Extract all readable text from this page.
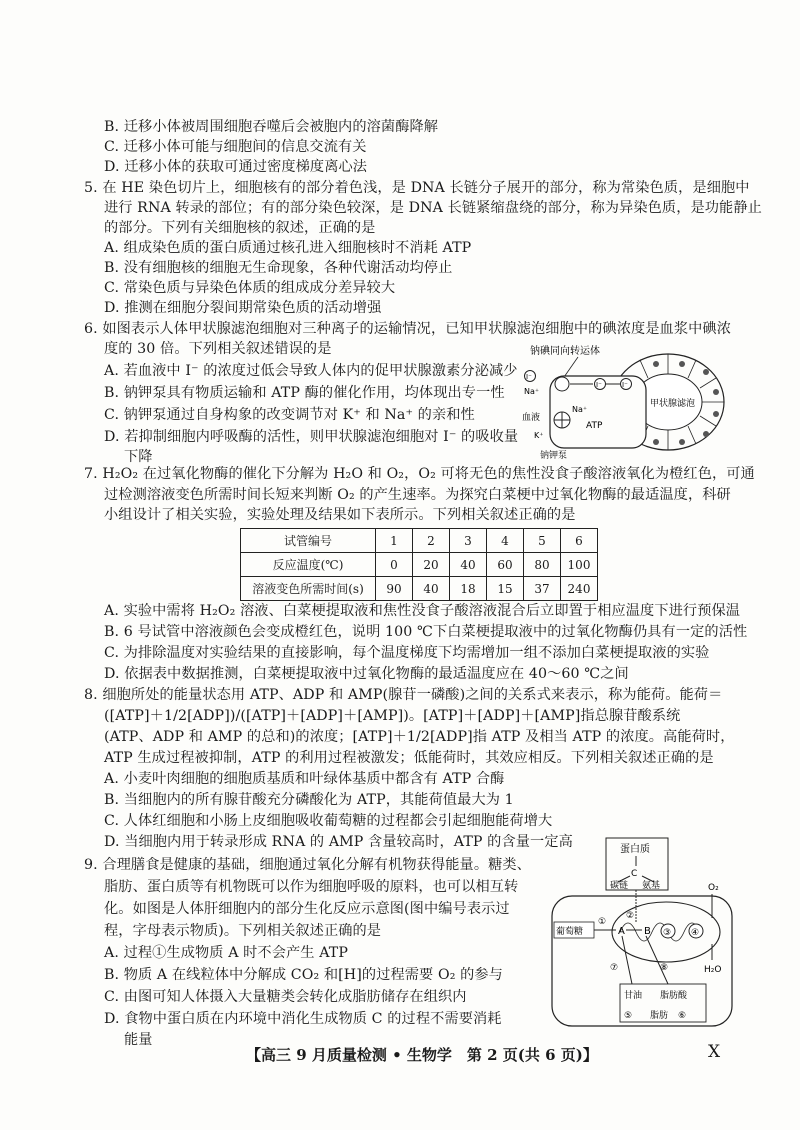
B. 迁移小体被周围细胞吞噬后会被胞内的溶菌酶降解
C. 迁移小体可能与细胞间的信息交流有关
D. 迁移小体的获取可通过密度梯度离心法
5. 在 HE 染色切片上，细胞核有的部分着色浅，是 DNA 长链分子展开的部分，称为常染色质，是细胞中
进行 RNA 转录的部位；有的部分染色较深，是 DNA 长链紧缩盘绕的部分，称为异染色质，是功能静止
的部分。下列有关细胞核的叙述，正确的是
A. 组成染色质的蛋白质通过核孔进入细胞核时不消耗 ATP
B. 没有细胞核的细胞无生命现象，各种代谢活动均停止
C. 常染色质与异染色体质的组成成分差异较大
D. 推测在细胞分裂间期常染色质的活动增强
6. 如图表示人体甲状腺滤泡细胞对三种离子的运输情况，已知甲状腺滤泡细胞中的碘浓度是血浆中碘浓
度的 30 倍。下列相关叙述错误的是
A. 若血液中 I⁻ 的浓度过低会导致人体内的促甲状腺激素分泌减少
B. 钠钾泵具有物质运输和 ATP 酶的催化作用，均体现出专一性
C. 钠钾泵通过自身构象的改变调节对 K⁺ 和 Na⁺ 的亲和性
D. 若抑制细胞内呼吸酶的活性，则甲状腺滤泡细胞对 I⁻ 的吸收量
下降
钠碘同向转运体
甲状腺滤泡
I⁻
Na⁺
I⁻	I⁻
血液
K⁺
Na⁺
ATP
钠钾泵
7. H₂O₂ 在过氧化物酶的催化下分解为 H₂O 和 O₂，O₂ 可将无色的焦性没食子酸溶液氧化为橙红色，可通
过检测溶液变色所需时间长短来判断 O₂ 的产生速率。为探究白菜梗中过氧化物酶的最适温度，科研
小组设计了相关实验，实验处理及结果如下表所示。下列相关叙述正确的是
试管编号	1	2	3	4	5	6
反应温度(℃)	0	20	40	60	80	100
溶液变色所需时间(s)	90	40	18	15	37	240
A. 实验中需将 H₂O₂ 溶液、白菜梗提取液和焦性没食子酸溶液混合后立即置于相应温度下进行预保温
B. 6 号试管中溶液颜色会变成橙红色，说明 100 ℃下白菜梗提取液中的过氧化物酶仍具有一定的活性
C. 为排除温度对实验结果的直接影响，每个温度梯度下均需增加一组不添加白菜梗提取液的实验
D. 依据表中数据推测，白菜梗提取液中过氧化物酶的最适温度应在 40～60 ℃之间
8. 细胞所处的能量状态用 ATP、ADP 和 AMP(腺苷一磷酸)之间的关系式来表示，称为能荷。能荷＝
([ATP]＋1/2[ADP])/([ATP]＋[ADP]＋[AMP])。[ATP]＋[ADP]＋[AMP]指总腺苷酸系统
(ATP、ADP 和 AMP 的总和)的浓度；[ATP]＋1/2[ADP]指 ATP 及相当 ATP 的浓度。高能荷时，
ATP 生成过程被抑制，ATP 的利用过程被激发；低能荷时，其效应相反。下列相关叙述正确的是
A. 小麦叶肉细胞的细胞质基质和叶绿体基质中都含有 ATP 合酶
B. 当细胞内的所有腺苷酸充分磷酸化为 ATP，其能荷值最大为 1
C. 人体红细胞和小肠上皮细胞吸收葡萄糖的过程都会引起细胞能荷增大
D. 当细胞内用于转录形成 RNA 的 AMP 含量较高时，ATP 的含量一定高
9. 合理膳食是健康的基础，细胞通过氧化分解有机物获得能量。糖类、
脂肪、蛋白质等有机物既可以作为细胞呼吸的原料，也可以相互转
化。如图是人体肝细胞内的部分生化反应示意图(图中编号表示过
程，字母表示物质)。下列相关叙述正确的是
A. 过程①生成物质 A 时不会产生 ATP
B. 物质 A 在线粒体中分解成 CO₂ 和[H]的过程需要 O₂ 的参与
C. 由图可知人体摄入大量糖类会转化成脂肪储存在组织内
D. 食物中蛋白质在内环境中消化生成物质 C 的过程不需要消耗
能量
蛋白质
C
碳链 氨基	O₂
④
③
H₂O
葡萄糖
①
A
②
B
甘油 脂肪酸
脂肪
⑤	⑥
⑦	⑧
【高三 9 月质量检测 • 生物学　第 2 页(共 6 页)】	X
